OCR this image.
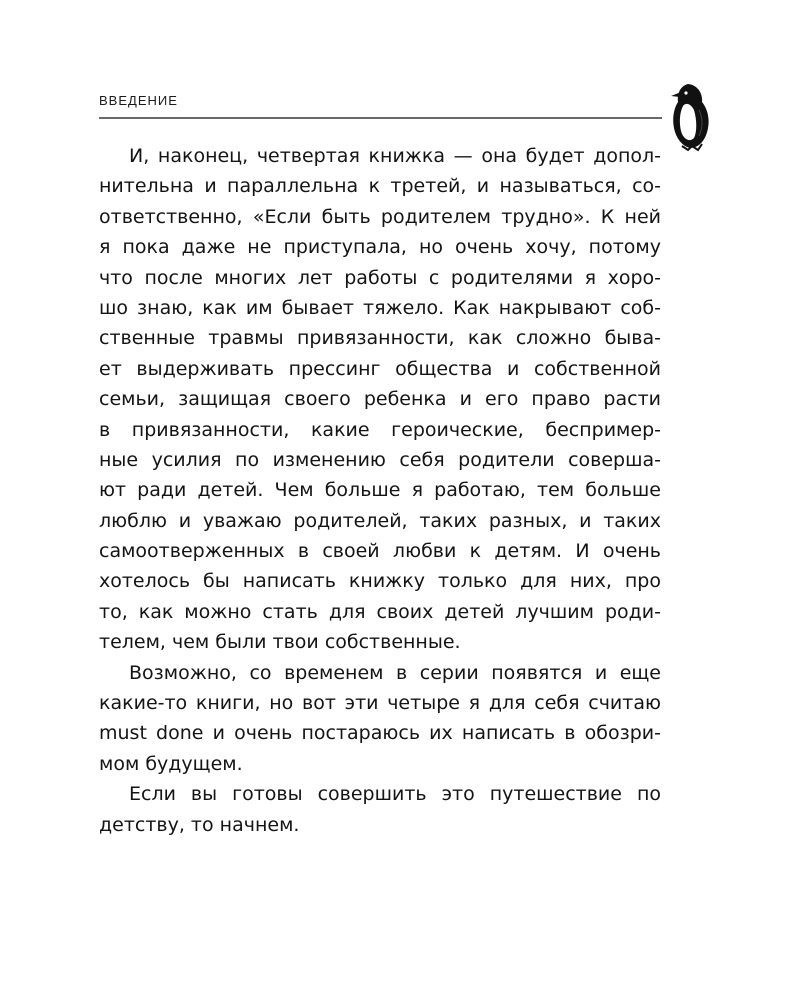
ВВЕДЕНИЕ
И, наконец, четвертая книжка — она будет допол-
нительна и параллельна к третей, и называться, со-
ответственно, «Если быть родителем трудно». К ней
я пока даже не приступала, но очень хочу, потому
что после многих лет работы с родителями я хоро-
шо знаю, как им бывает тяжело. Как накрывают соб-
ственные травмы привязанности, как сложно быва-
ет выдерживать прессинг общества и собственной
семьи, защищая своего ребенка и его право расти
в привязанности, какие героические, беспример-
ные усилия по изменению себя родители соверша-
ют ради детей. Чем больше я работаю, тем больше
люблю и уважаю родителей, таких разных, и таких
самоотверженных в своей любви к детям. И очень
хотелось бы написать книжку только для них, про
то, как можно стать для своих детей лучшим роди-
телем, чем были твои собственные.
Возможно, со временем в серии появятся и еще
какие-то книги, но вот эти четыре я для себя считаю
must done и очень постараюсь их написать в обозри-
мом будущем.
Если вы готовы совершить это путешествие по
детству, то начнем.
